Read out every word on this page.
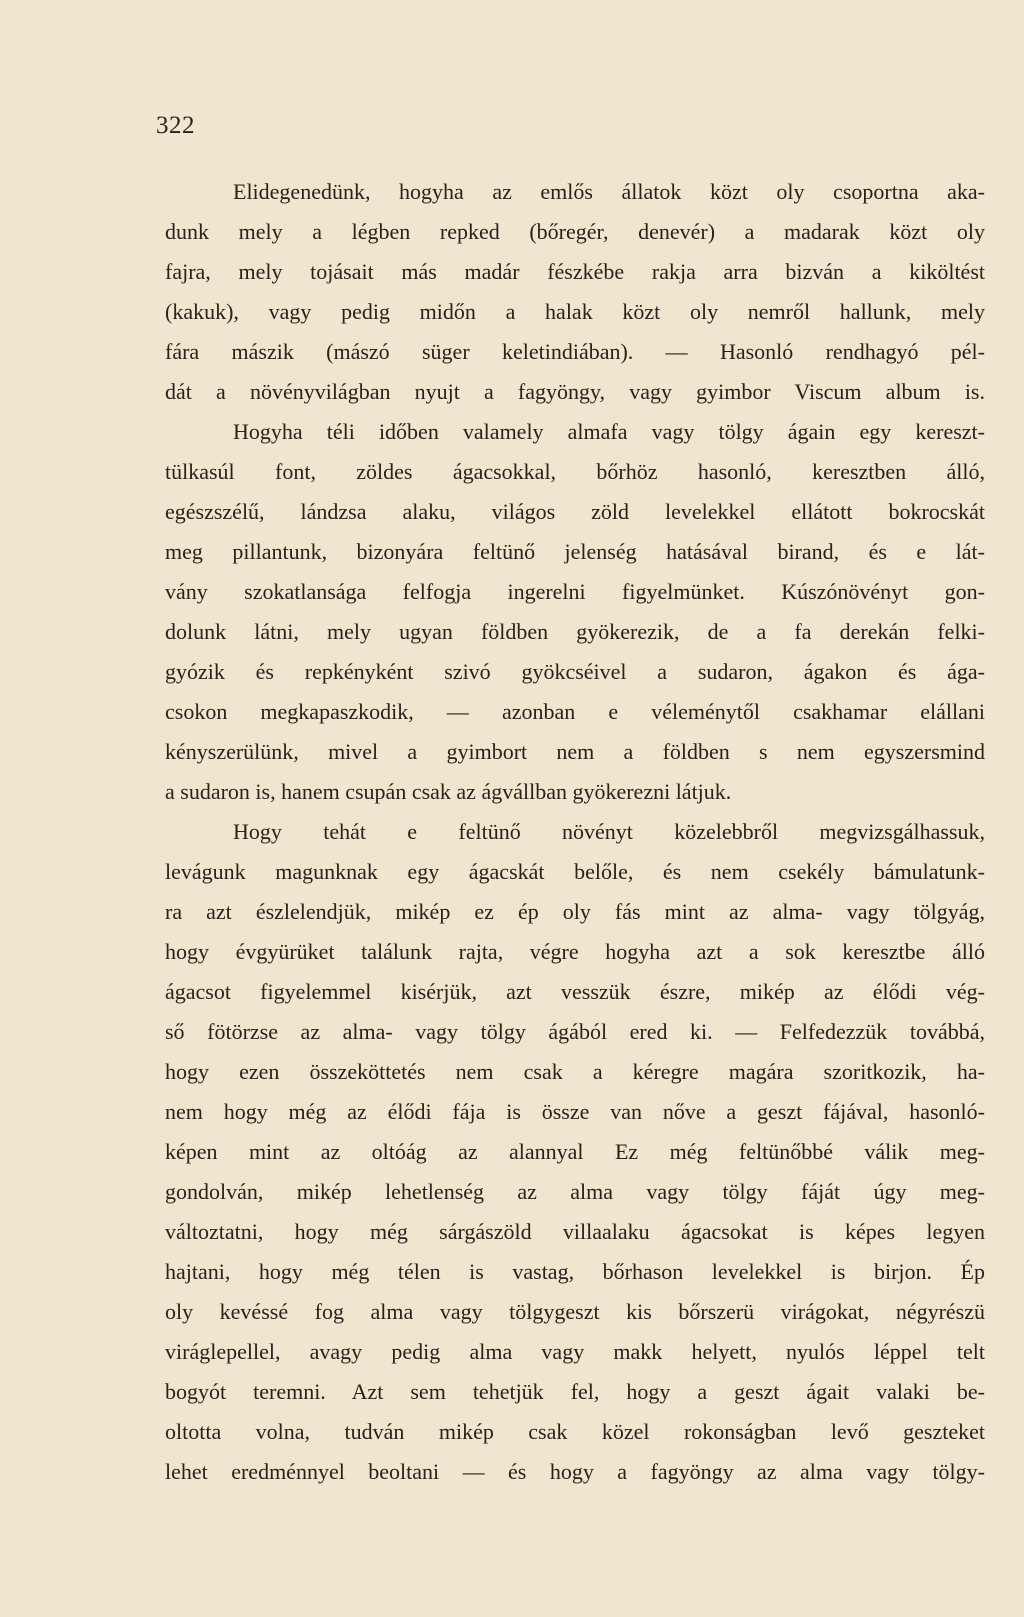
322
Elidegenedünk, hogyha az emlős állatok közt oly csoportna aka-
dunk mely a légben repked (bőregér, denevér) a madarak közt oly
fajra, mely tojásait más madár fészkébe rakja arra bizván a kiköltést
(kakuk), vagy pedig midőn a halak közt oly nemről hallunk, mely
fára mászik (mászó süger keletindiában). — Hasonló rendhagyó pél-
dát a növényvilágban nyujt a fagyöngy, vagy gyimbor Viscum album is.
Hogyha téli időben valamely almafa vagy tölgy ágain egy kereszt-
tülkasúl font, zöldes ágacsokkal, bőrhöz hasonló, keresztben álló,
egészszélű, lándzsa alaku, világos zöld levelekkel ellátott bokrocskát
meg pillantunk, bizonyára feltünő jelenség hatásával birand, és e lát-
vány szokatlansága felfogja ingerelni figyelmünket. Kúszónövényt gon-
dolunk látni, mely ugyan földben gyökerezik, de a fa derekán felki-
gyózik és repkényként szivó gyökcséivel a sudaron, ágakon és ága-
csokon megkapaszkodik, — azonban e véleménytől csakhamar elállani
kényszerülünk, mivel a gyimbort nem a földben s nem egyszersmind
a sudaron is, hanem csupán csak az ágvállban gyökerezni látjuk.
Hogy tehát e feltünő növényt közelebbről megvizsgálhassuk,
levágunk magunknak egy ágacskát belőle, és nem csekély bámulatunk-
ra azt észlelendjük, mikép ez ép oly fás mint az alma- vagy tölgyág,
hogy évgyürüket találunk rajta, végre hogyha azt a sok keresztbe álló
ágacsot figyelemmel kisérjük, azt vesszük észre, mikép az élődi vég-
ső fötörzse az alma- vagy tölgy ágából ered ki. — Felfedezzük továbbá,
hogy ezen összeköttetés nem csak a kéregre magára szoritkozik, ha-
nem hogy még az élődi fája is össze van nőve a geszt fájával, hasonló-
képen mint az oltóág az alannyal Ez még feltünőbbé válik meg-
gondolván, mikép lehetlenség az alma vagy tölgy fáját úgy meg-
változtatni, hogy még sárgászöld villaalaku ágacsokat is képes legyen
hajtani, hogy még télen is vastag, bőrhason levelekkel is birjon. Ép
oly kevéssé fog alma vagy tölgygeszt kis bőrszerü virágokat, négyrészü
viráglepellel, avagy pedig alma vagy makk helyett, nyulós léppel telt
bogyót teremni. Azt sem tehetjük fel, hogy a geszt ágait valaki be-
oltotta volna, tudván mikép csak közel rokonságban levő geszteket
lehet eredménnyel beoltani — és hogy a fagyöngy az alma vagy tölgy-
